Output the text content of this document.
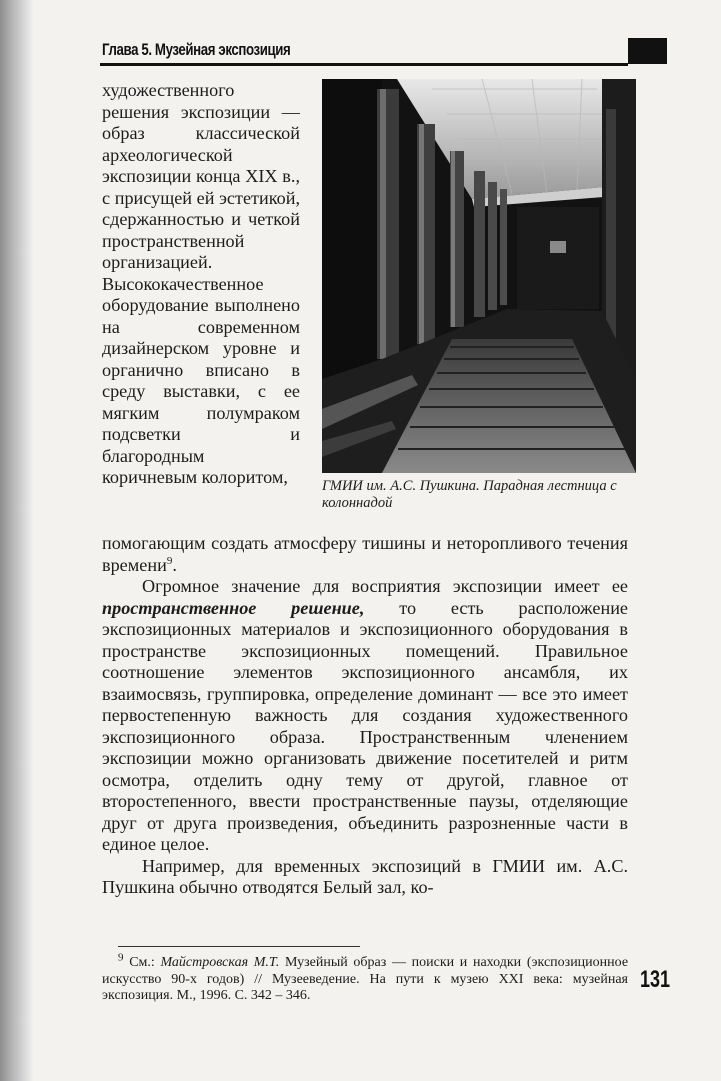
Глава 5. Музейная экспозиция

художественного решения экспозиции — образ классической археологической экспозиции конца XIX в., с присущей ей эстетикой, сдержанностью и четкой пространственной организацией. Высококачественное оборудование выполнено на современном дизайнерском уровне и органично вписано в среду выставки, с ее мягким полумраком подсветки и благородным коричневым колоритом,	ГМИИ им. А.С. Пушкина. Парадная лестница с колоннадой

помогающим создать атмосферу тишины и неторопливого течения времени$^9$.

Огромное значение для восприятия экспозиции имеет ее пространственное решение, то есть расположение экспозиционных материалов и экспозиционного оборудования в пространстве экспозиционных помещений. Правильное соотношение элементов экспозиционного ансамбля, их взаимосвязь, группировка, определение доминант — все это имеет первостепенную важность для создания художественного экспозиционного образа. Пространственным членением экспозиции можно организовать движение посетителей и ритм осмотра, отделить одну тему от другой, главное от второстепенного, ввести пространственные паузы, отделяющие друг от друга произведения, объединить разрозненные части в единое целое.

Например, для временных экспозиций в ГМИИ им. А.С. Пушкина обычно отводятся Белый зал, ко-

$^9$ См.: Майстровская М.Т. Музейный образ — поиски и находки (экспозиционное искусство 90-х годов) // Музееведение. На пути к музею XXI века: музейная экспозиция. М., 1996. С. 342 – 346.

131
